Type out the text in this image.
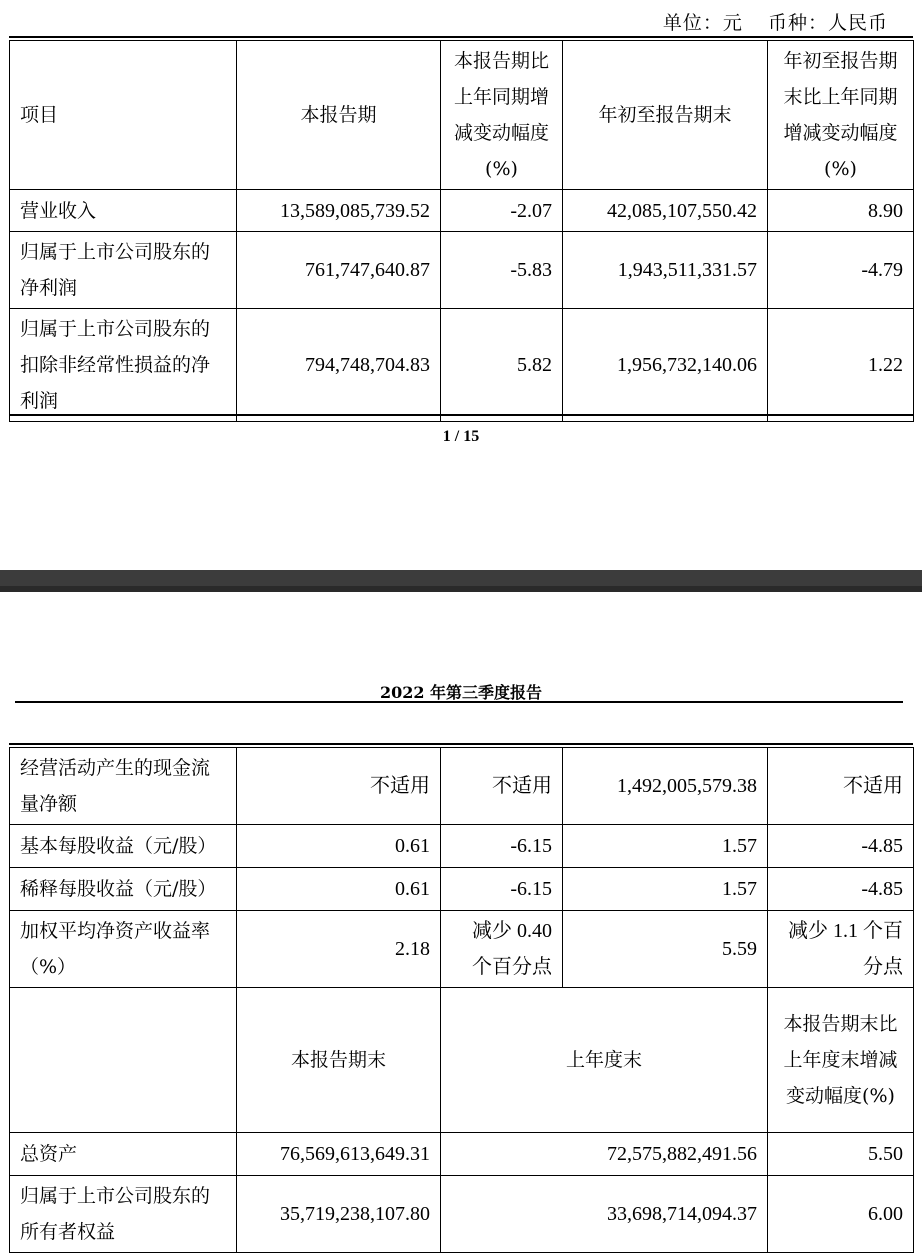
单位：元 币种：人民币
项目	本报告期	本报告期比上年同期增减变动幅度(%)	年初至报告期末	年初至报告期末比上年同期增减变动幅度(%)
营业收入	13,589,085,739.52	-2.07	42,085,107,550.42	8.90
归属于上市公司股东的净利润	761,747,640.87	-5.83	1,943,511,331.57	-4.79
归属于上市公司股东的扣除非经常性损益的净利润	794,748,704.83	5.82	1,956,732,140.06	1.22
1 / 15
2022 年第三季度报告
经营活动产生的现金流量净额	不适用	不适用	1,492,005,579.38	不适用
基本每股收益（元/股）	0.61	-6.15	1.57	-4.85
稀释每股收益（元/股）	0.61	-6.15	1.57	-4.85
加权平均净资产收益率（%）	2.18	减少 0.40 个百分点	5.59	减少 1.1 个百分点
	本报告期末	上年度末		本报告期末比上年度末增减变动幅度(%)
总资产	76,569,613,649.31	72,575,882,491.56		5.50
归属于上市公司股东的所有者权益	35,719,238,107.80	33,698,714,094.37		6.00
